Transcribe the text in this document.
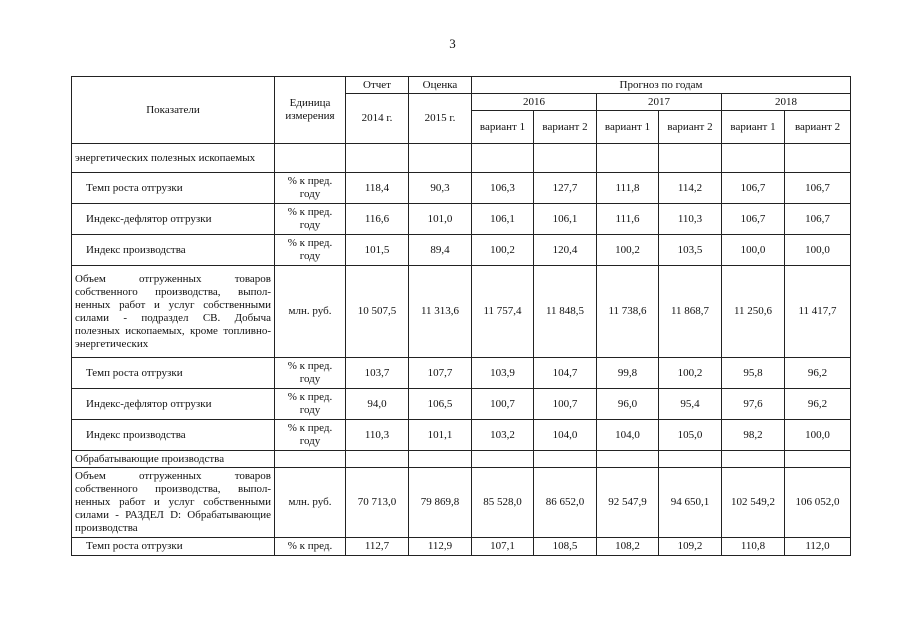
3
Показатели	Единица измерения	Отчет	Оценка	Прогноз по годам					
		2014 г.	2015 г.	2016		2017		2018	
				вариант 1	вариант 2	вариант 1	вариант 2	вариант 1	вариант 2
энергетических полезных ископаемых									
Темп роста отгрузки	% к пред. году	118,4	90,3	106,3	127,7	111,8	114,2	106,7	106,7
Индекс-дефлятор отгрузки	% к пред. году	116,6	101,0	106,1	106,1	111,6	110,3	106,7	106,7
Индекс производства	% к пред. году	101,5	89,4	100,2	120,4	100,2	103,5	100,0	100,0
Объем отгруженных товаров собственного производства, выпол-ненных работ и услуг собственными силами - подраздел СВ. Добыча полезных ископаемых, кроме топливно-энергетических	млн. руб.	10 507,5	11 313,6	11 757,4	11 848,5	11 738,6	11 868,7	11 250,6	11 417,7
Темп роста отгрузки	% к пред. году	103,7	107,7	103,9	104,7	99,8	100,2	95,8	96,2
Индекс-дефлятор отгрузки	% к пред. году	94,0	106,5	100,7	100,7	96,0	95,4	97,6	96,2
Индекс производства	% к пред. году	110,3	101,1	103,2	104,0	104,0	105,0	98,2	100,0
Обрабатывающие производства									
Объем отгруженных товаров собственного производства, выпол-ненных работ и услуг собственными силами - РАЗДЕЛ D: Обрабатывающие производства	млн. руб.	70 713,0	79 869,8	85 528,0	86 652,0	92 547,9	94 650,1	102 549,2	106 052,0
Темп роста отгрузки	% к пред.	112,7	112,9	107,1	108,5	108,2	109,2	110,8	112,0
